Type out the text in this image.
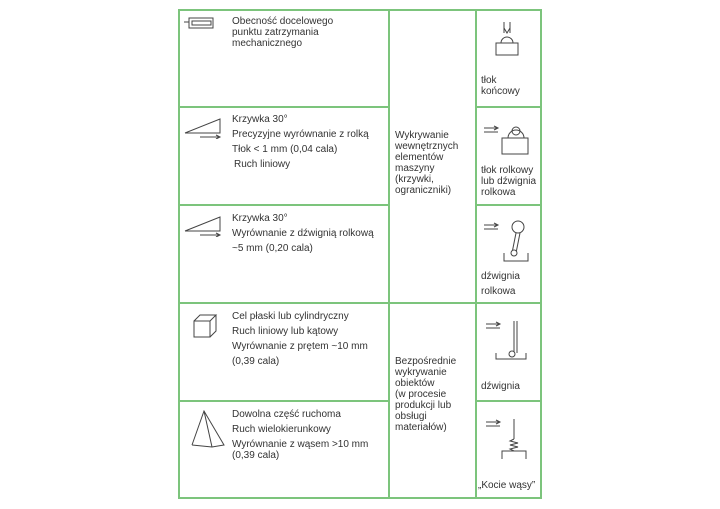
Obecność docelowego
punktu zatrzymania
mechanicznego
tłok
końcowy
Krzywka 30°
Precyzyjne wyrównanie z rolką
Tłok < 1 mm (0,04 cala)
Ruch liniowy
tłok rolkowy
lub dźwignia
rolkowa
Krzywka 30°
Wyrównanie z dźwignią rolkową
~5 mm (0,20 cala)
dźwignia
rolkowa
Cel płaski lub cylindryczny
Ruch liniowy lub kątowy
Wyrównanie z prętem ~10 mm
(0,39 cala)
dźwignia
Dowolna część ruchoma
Ruch wielokierunkowy
Wyrównanie z wąsem >10 mm
(0,39 cala)
„Kocie wąsy”
Wykrywanie
wewnętrznych
elementów
maszyny
(krzywki,
ograniczniki)
Bezpośrednie
wykrywanie
obiektów
(w procesie
produkcji lub
obsługi
materiałów)
